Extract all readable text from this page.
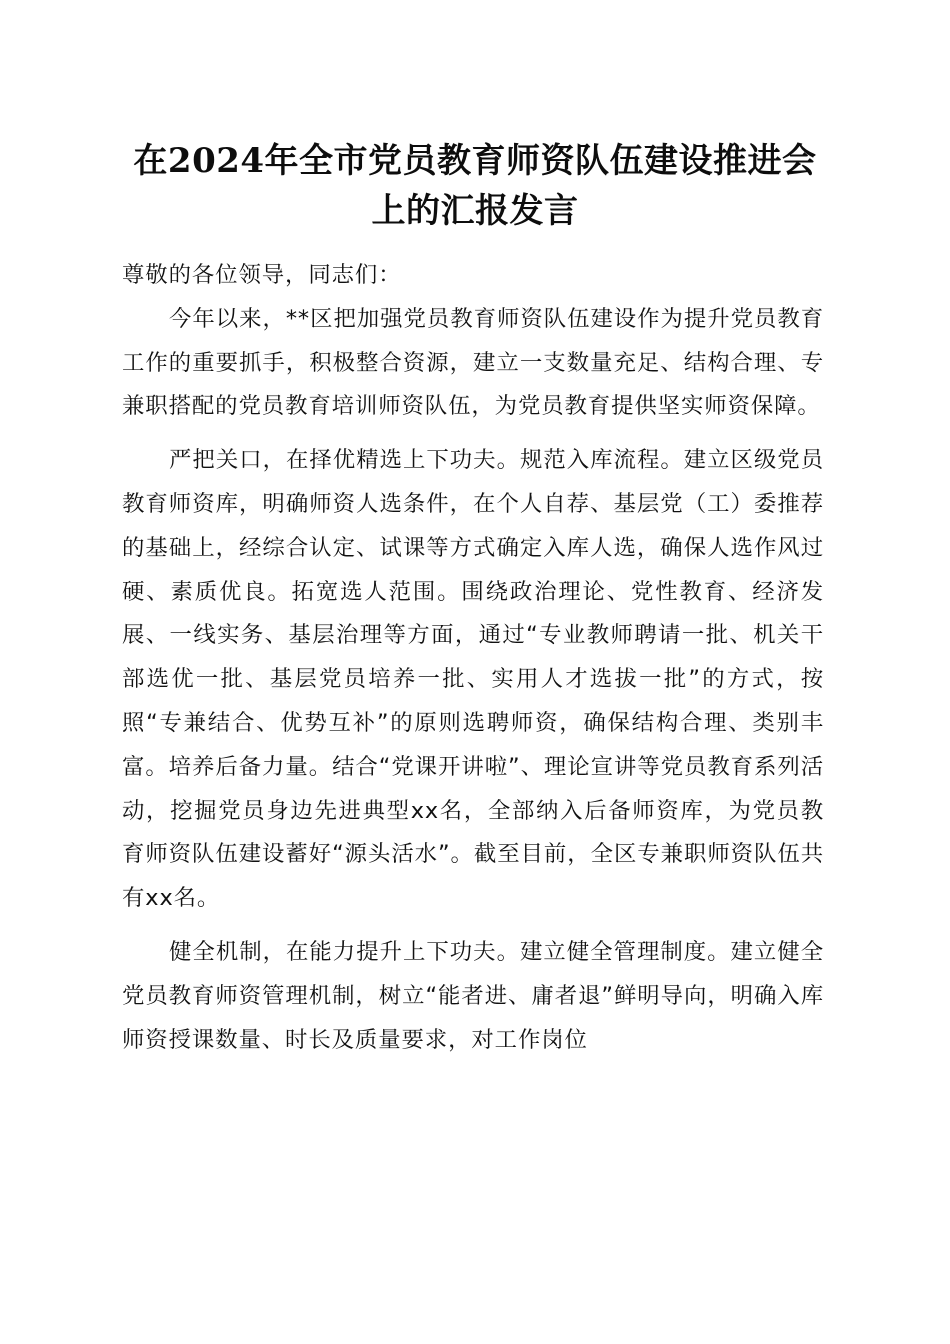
在2024年全市党员教育师资队伍建设推进会
上的汇报发言

尊敬的各位领导，同志们：

今年以来，**区把加强党员教育师资队伍建设作为提升党员教育工作的重要抓手，积极整合资源，建立一支数量充足、结构合理、专兼职搭配的党员教育培训师资队伍，为党员教育提供坚实师资保障。

严把关口，在择优精选上下功夫。规范入库流程。建立区级党员教育师资库，明确师资人选条件，在个人自荐、基层党（工）委推荐的基础上，经综合认定、试课等方式确定入库人选，确保人选作风过硬、素质优良。拓宽选人范围。围绕政治理论、党性教育、经济发展、一线实务、基层治理等方面，通过“专业教师聘请一批、机关干部选优一批、基层党员培养一批、实用人才选拔一批”的方式，按照“专兼结合、优势互补”的原则选聘师资，确保结构合理、类别丰富。培养后备力量。结合“党课开讲啦”、理论宣讲等党员教育系列活动，挖掘党员身边先进典型xx名，全部纳入后备师资库，为党员教育师资队伍建设蓄好“源头活水”。截至目前，全区专兼职师资队伍共有xx名。

健全机制，在能力提升上下功夫。建立健全管理制度。建立健全党员教育师资管理机制，树立“能者进、庸者退”鲜明导向，明确入库师资授课数量、时长及质量要求，对工作岗位
